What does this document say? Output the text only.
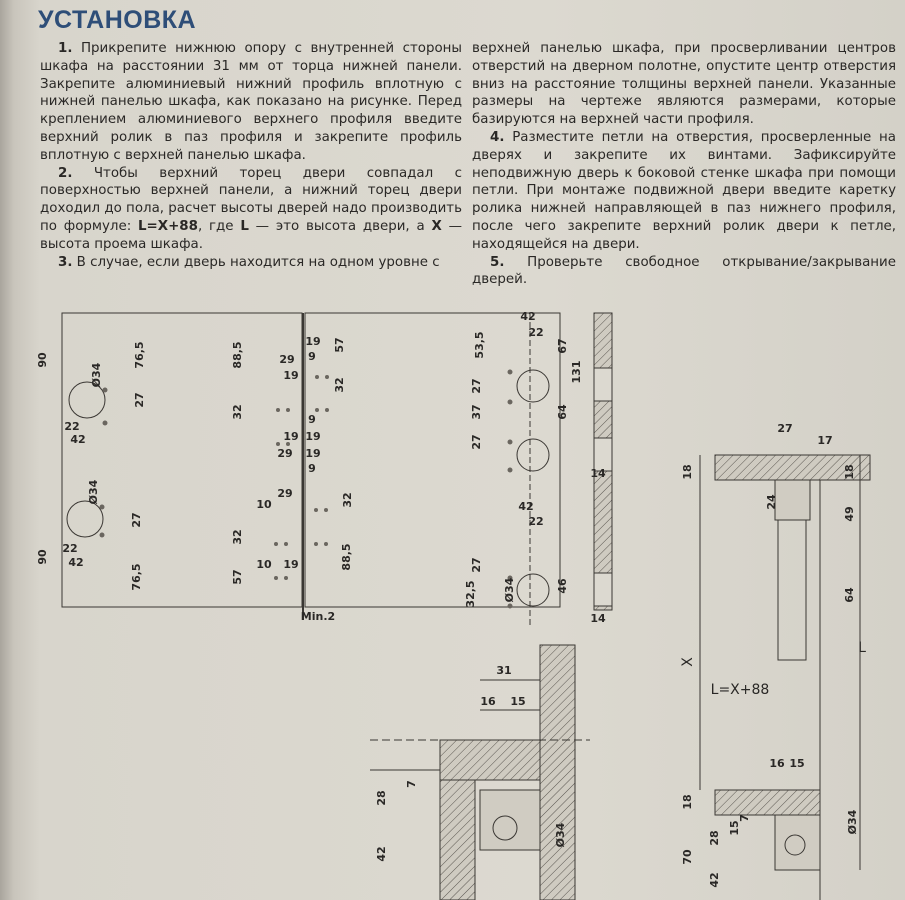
УСТАНОВКА

1. Прикрепите нижнюю опору с внутренней стороны шкафа на расстоянии 31 мм от торца нижней панели. Закрепите алюминиевый нижний профиль вплотную с нижней панелью шкафа, как показано на рисунке. Перед креплением алюминиевого верхнего профиля введите верхний ролик в паз профиля и закрепите профиль вплотную с верхней панелью шкафа.

2. Чтобы верхний торец двери совпадал с поверхностью верхней панели, а нижний торец двери доходил до пола, расчет высоты дверей надо производить по формуле: L=X+88, где L — это высота двери, а X — высота проема шкафа.

3. В случае, если дверь находится на одном уровне с

верхней панелью шкафа, при просверливании центров отверстий на дверном полотне, опустите центр отверстия вниз на расстояние толщины верхней панели. Указанные размеры на чертеже являются размерами, которые базируются на верхней части профиля.

4. Разместите петли на отверстия, просверленные на дверях и закрепите их винтами. Зафиксируйте неподвижную дверь к боковой стенке шкафа при помощи петли. При монтаже подвижной двери введите каретку ролика нижней направляющей в паз нижнего профиля, после чего закрепите верхний ролик двери к петле, находящейся на двери.

5. Проверьте свободное открывание/закрывание дверей.

90	76,5
Ø34
27
22
42
Ø34
27
22
42
90
76,5
88,5	29
19
32
19
29
19
19
19 57
9
32
9
9
29
10	32
32
10 19
57
88,5
Min.2
42
22
53,5	67
131
27
37	64
27
14
42
22
27
32,5 Ø34	46
14
31
16 15
28
7
42
Ø34
27
17
18
24
18
49
64
X
L
L=X+88
16 15
18
28
15
7	Ø34
70
42
